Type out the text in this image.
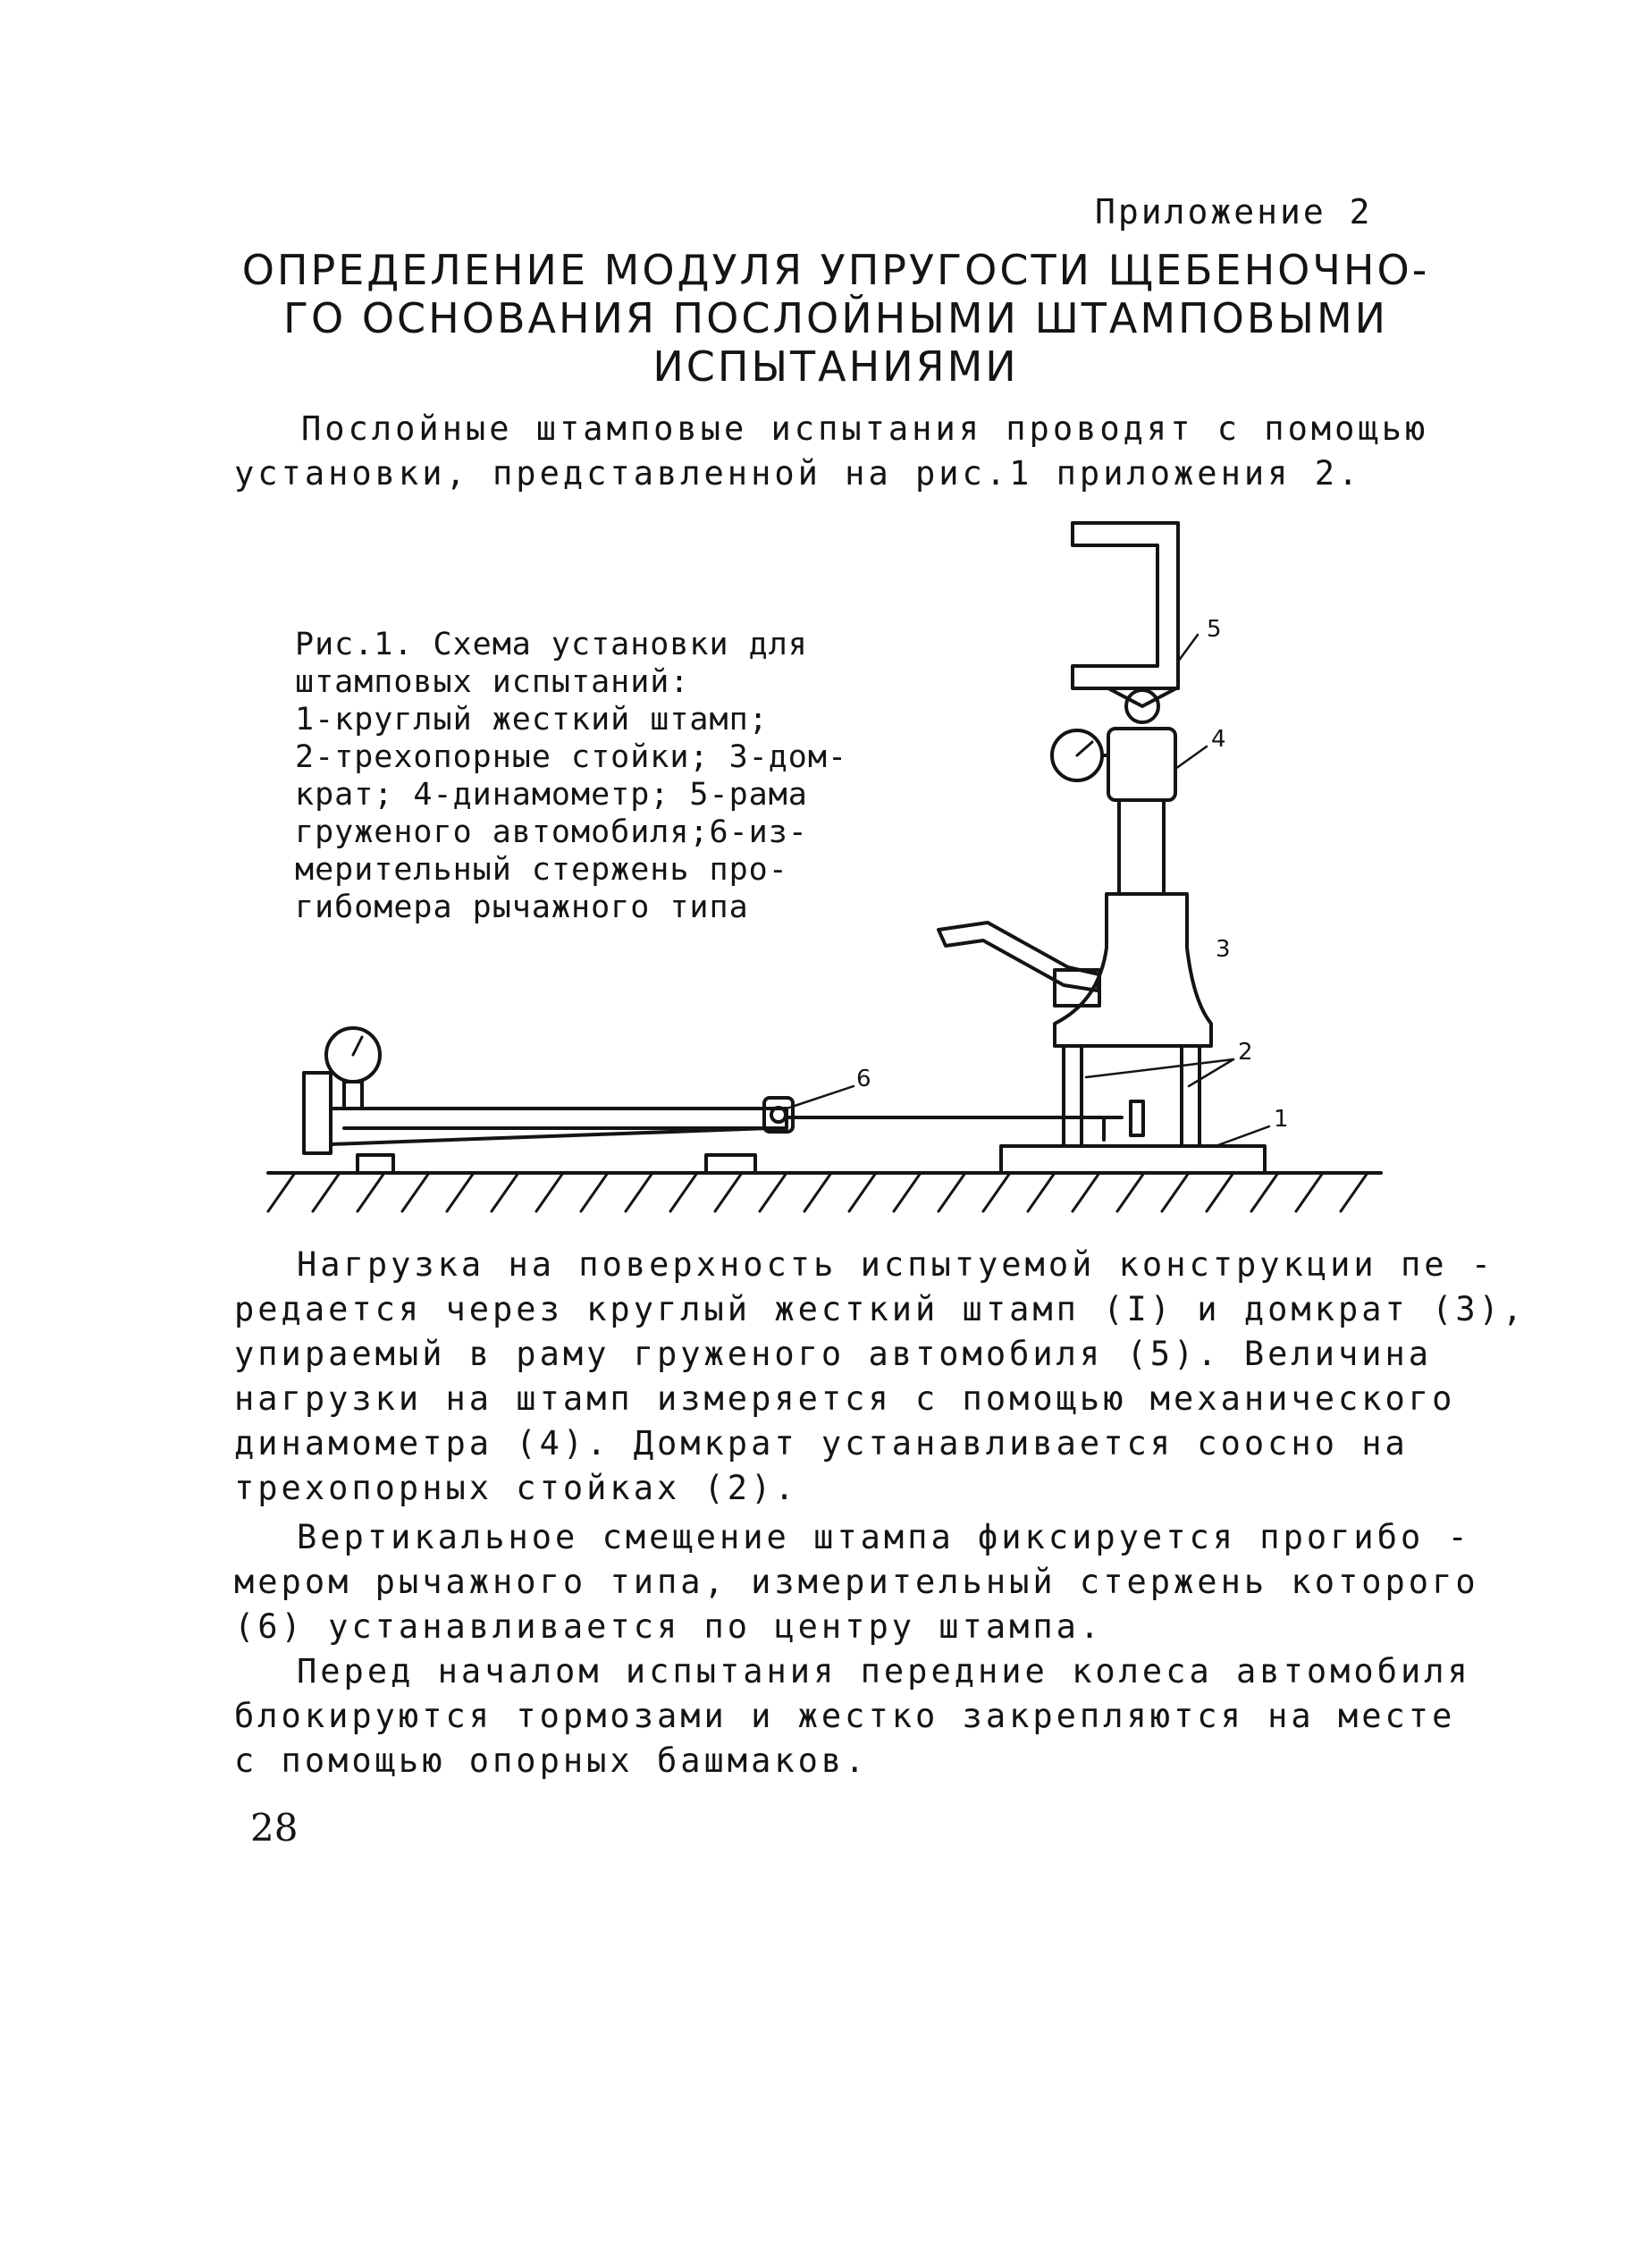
Приложение 2

ОПРЕДЕЛЕНИЕ МОДУЛЯ УПРУГОСТИ ЩЕБЕНОЧНО-
ГО ОСНОВАНИЯ ПОСЛОЙНЫМИ ШТАМПОВЫМИ
ИСПЫТАНИЯМИ
Послойные штамповые испытания проводят с помощью
установки, представленной на рис.1 приложения 2.
5
4
3
2
1
6
Рис.1. Схема установки для
штамповых испытаний:
1-круглый жесткий штамп;
2-трехопорные стойки; 3-дом-
крат; 4-динамометр; 5-рама
груженого автомобиля;6-из-
мерительный стержень про-
гибомера рычажного типа
Нагрузка на поверхность испытуемой конструкции пе -
редается через круглый жесткий штамп (I) и домкрат (3),
упираемый в раму груженого автомобиля (5). Величина
нагрузки на штамп измеряется с помощью механического
динамометра (4). Домкрат устанавливается соосно на
трехопорных стойках (2).
Вертикальное смещение штампа фиксируется прогибо -
мером рычажного типа, измерительный стержень которого
(6) устанавливается по центру штампа.
Перед началом испытания передние колеса автомобиля
блокируются тормозами и жестко закрепляются на месте
с помощью опорных башмаков.

28
